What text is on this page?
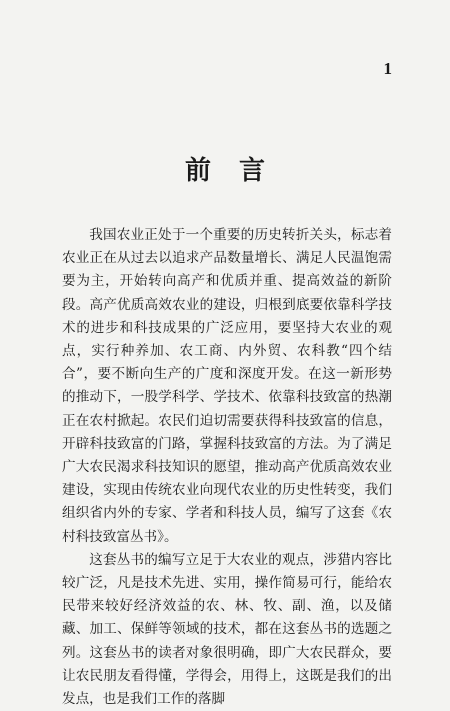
1
前言

我国农业正处于一个重要的历史转折关头，标志着农业正在从过去以追求产品数量增长、满足人民温饱需要为主，开始转向高产和优质并重、提高效益的新阶段。高产优质高效农业的建设，归根到底要依靠科学技术的进步和科技成果的广泛应用，要坚持大农业的观点，实行种养加、农工商、内外贸、农科教“四个结合”，要不断向生产的广度和深度开发。在这一新形势的推动下，一股学科学、学技术、依靠科技致富的热潮正在农村掀起。农民们迫切需要获得科技致富的信息，开辟科技致富的门路，掌握科技致富的方法。为了满足广大农民渴求科技知识的愿望，推动高产优质高效农业建设，实现由传统农业向现代农业的历史性转变，我们组织省内外的专家、学者和科技人员，编写了这套《农村科技致富丛书》。

这套丛书的编写立足于大农业的观点，涉猎内容比较广泛，凡是技术先进、实用，操作简易可行，能给农民带来较好经济效益的农、林、牧、副、渔，以及储藏、加工、保鲜等领域的技术，都在这套丛书的选题之列。这套丛书的读者对象很明确，即广大农民群众，要让农民朋友看得懂，学得会，用得上，这既是我们的出发点，也是我们工作的落脚
